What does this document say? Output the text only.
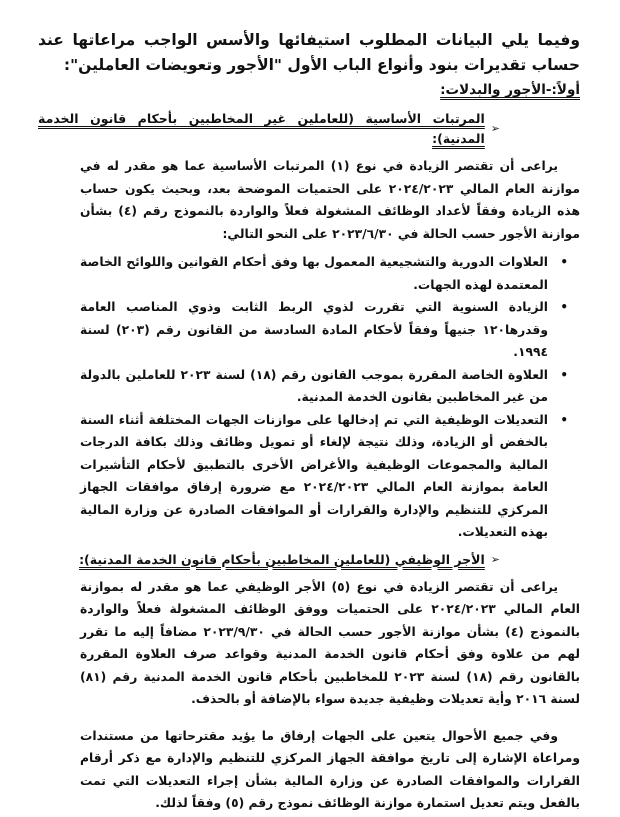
وفيما يلي البيانات المطلوب استيفائها والأسس الواجب مراعاتها عند حساب تقديرات بنود وأنواع الباب الأول "الأجور وتعويضات العاملين":

أولاً:-الأجور والبدلات:
➢
المرتبات الأساسية (للعاملين غير المخاطبين بأحكام قانون الخدمة المدنية):

يراعى أن تقتصر الزيادة في نوع (١) المرتبات الأساسية عما هو مقدر له في موازنة العام المالي ٢٠٢٤/٢٠٢٣ على الحتميات الموضحة بعد، وبحيث يكون حساب هذه الزيادة وفقاً لأعداد الوظائف المشغولة فعلاً والواردة بالنموذج رقم (٤) بشأن موازنة الأجور حسب الحالة في ٢٠٢٣/٦/٣٠ على النحو التالي:

•
العلاوات الدورية والتشجيعية المعمول بها وفق أحكام القوانين واللوائح الخاصة المعتمدة لهذه الجهات.
•
الزيادة السنوية التي تقررت لذوي الربط الثابت وذوي المناصب العامة وقدرها١٢٠ جنيهاً وفقاً لأحكام المادة السادسة من القانون رقم (٢٠٣) لسنة ١٩٩٤.
•
العلاوة الخاصة المقررة بموجب القانون رقم (١٨) لسنة ٢٠٢٣ للعاملين بالدولة من غير المخاطبين بقانون الخدمة المدنية.
•
التعديلات الوظيفية التي تم إدخالها على موازنات الجهات المختلفة أثناء السنة بالخفض أو الزيادة، وذلك نتيجة لإلغاء أو تمويل وظائف وذلك بكافة الدرجات المالية والمجموعات الوظيفية والأغراض الأخرى بالتطبيق لأحكام التأشيرات العامة بموازنة العام المالي ٢٠٢٤/٢٠٢٣ مع ضرورة إرفاق موافقات الجهاز المركزي للتنظيم والإدارة والقرارات أو الموافقات الصادرة عن وزارة المالية بهذه التعديلات.
➢
الأجر الوظيفي (للعاملين المخاطبين بأحكام قانون الخدمة المدنية):

يراعى أن تقتصر الزيادة في نوع (٥) الأجر الوظيفي عما هو مقدر له بموازنة العام المالي ٢٠٢٤/٢٠٢٣ على الحتميات ووفق الوظائف المشغولة فعلاً والواردة بالنموذج (٤) بشأن موازنة الأجور حسب الحالة في ٢٠٢٣/٩/٣٠ مضافاً إليه ما تقرر لهم من علاوة وفق أحكام قانون الخدمة المدنية وقواعد صرف العلاوة المقررة بالقانون رقم (١٨) لسنة ٢٠٢٣ للمخاطبين بأحكام قانون الخدمة المدنية رقم (٨١) لسنة ٢٠١٦ وأية تعديلات وظيفية جديدة سواء بالإضافة أو بالحذف.

وفي جميع الأحوال يتعين على الجهات إرفاق ما يؤيد مقترحاتها من مستندات ومراعاة الإشارة إلى تاريخ موافقة الجهاز المركزي للتنظيم والإدارة مع ذكر أرقام القرارات والموافقات الصادرة عن وزارة المالية بشأن إجراء التعديلات التي تمت بالفعل ويتم تعديل استمارة موازنة الوظائف نموذج رقم (٥) وفقاً لذلك.
